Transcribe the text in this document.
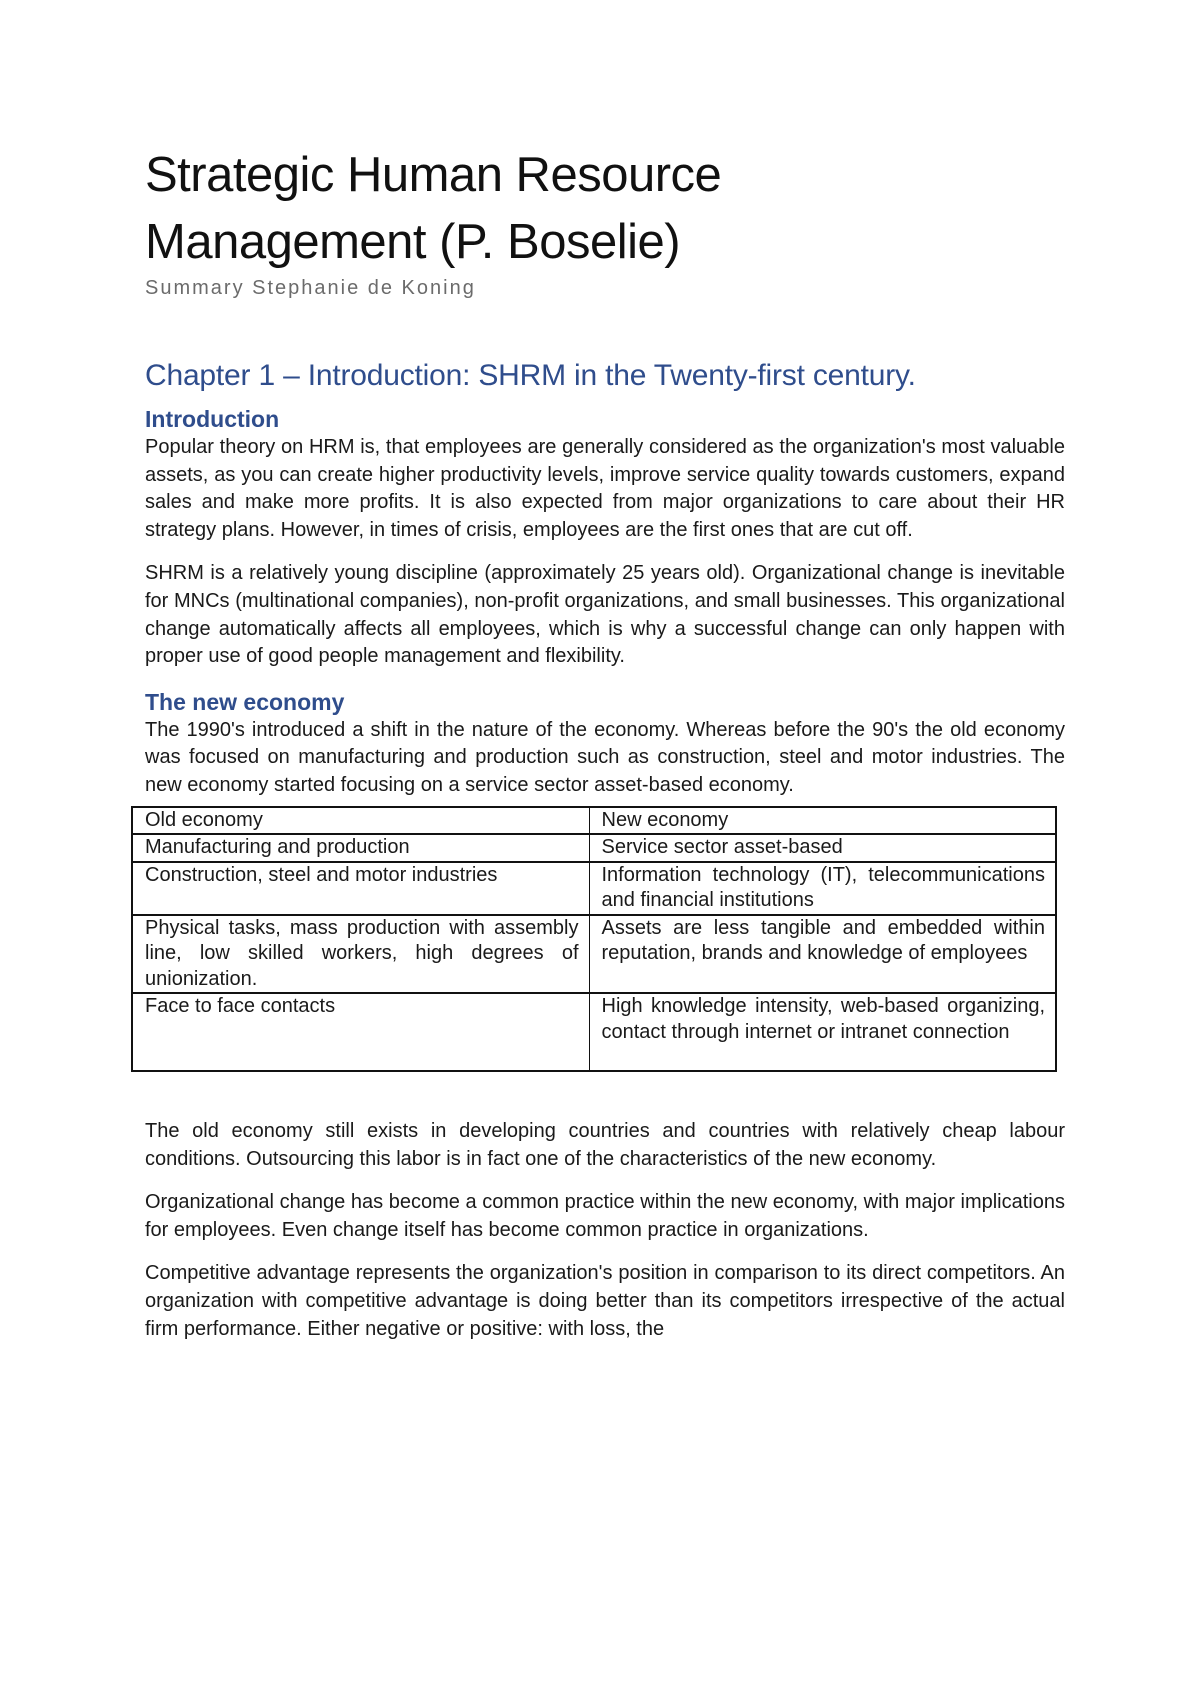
Strategic Human Resource
Management (P. Boselie)

Summary Stephanie de Koning

Chapter 1 – Introduction: SHRM in the Twenty-first century.
Introduction

Popular theory on HRM is, that employees are generally considered as the organization's most valuable assets, as you can create higher productivity levels, improve service quality towards customers, expand sales and make more profits. It is also expected from major organizations to care about their HR strategy plans. However, in times of crisis, employees are the first ones that are cut off.

SHRM is a relatively young discipline (approximately 25 years old). Organizational change is inevitable for MNCs (multinational companies), non-profit organizations, and small businesses. This organizational change automatically affects all employees, which is why a successful change can only happen with proper use of good people management and flexibility.

The new economy

The 1990's introduced a shift in the nature of the economy. Whereas before the 90's the old economy was focused on manufacturing and production such as construction, steel and motor industries. The new economy started focusing on a service sector asset-based economy.

Old economy	New economy
Manufacturing and production	Service sector asset-based
Construction, steel and motor industries	Information technology (IT), telecommunications and financial institutions
Physical tasks, mass production with assembly line, low skilled workers, high degrees of unionization.	Assets are less tangible and embedded within reputation, brands and knowledge of employees
Face to face contacts	High knowledge intensity, web-based organizing, contact through internet or intranet connection

The old economy still exists in developing countries and countries with relatively cheap labour conditions. Outsourcing this labor is in fact one of the characteristics of the new economy.

Organizational change has become a common practice within the new economy, with major implications for employees. Even change itself has become common practice in organizations.

Competitive advantage represents the organization's position in comparison to its direct competitors. An organization with competitive advantage is doing better than its competitors irrespective of the actual firm performance. Either negative or positive: with loss, the
